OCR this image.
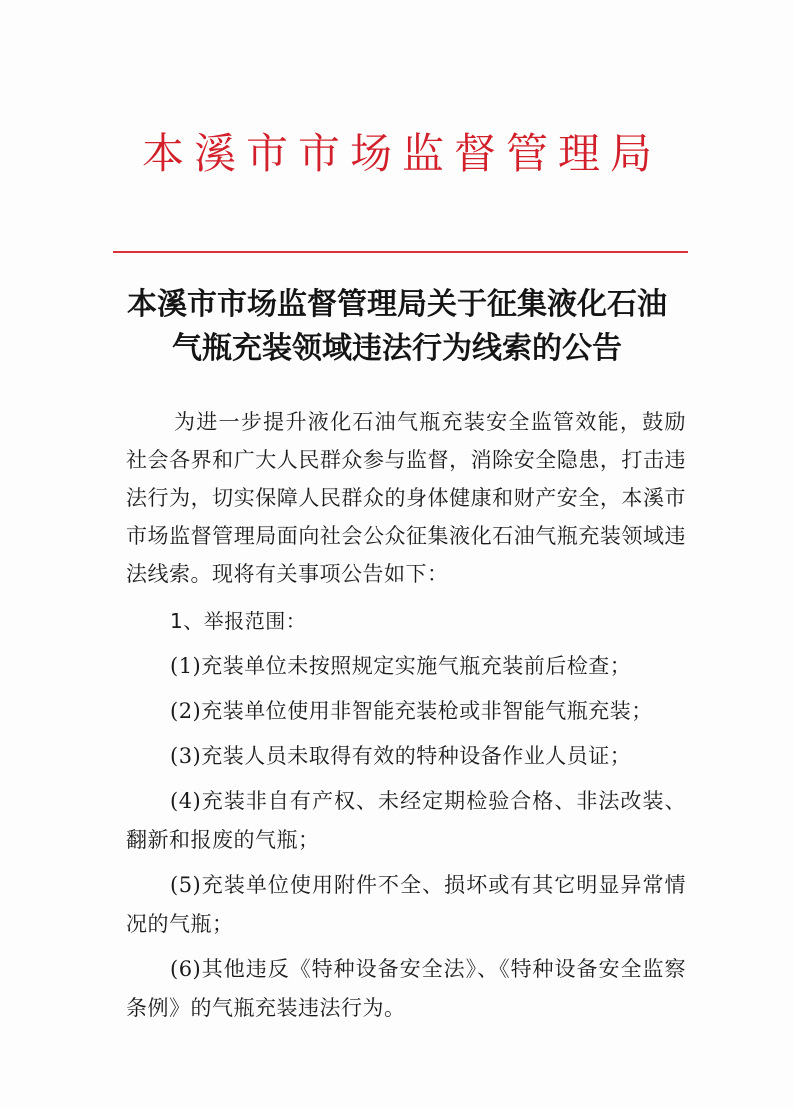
本溪市市场监督管理局
本溪市市场监督管理局关于征集液化石油
气瓶充装领域违法行为线索的公告

为进一步提升液化石油气瓶充装安全监管效能，鼓励社会各界和广大人民群众参与监督，消除安全隐患，打击违法行为，切实保障人民群众的身体健康和财产安全，本溪市市场监督管理局面向社会公众征集液化石油气瓶充装领域违法线索。现将有关事项公告如下：

1、举报范围：
(1)充装单位未按照规定实施气瓶充装前后检查；
(2)充装单位使用非智能充装枪或非智能气瓶充装；
(3)充装人员未取得有效的特种设备作业人员证；
(4)充装非自有产权、未经定期检验合格、非法改装、翻新和报废的气瓶；
(5)充装单位使用附件不全、损坏或有其它明显异常情况的气瓶；
(6)其他违反《特种设备安全法》、《特种设备安全监察条例》的气瓶充装违法行为。
